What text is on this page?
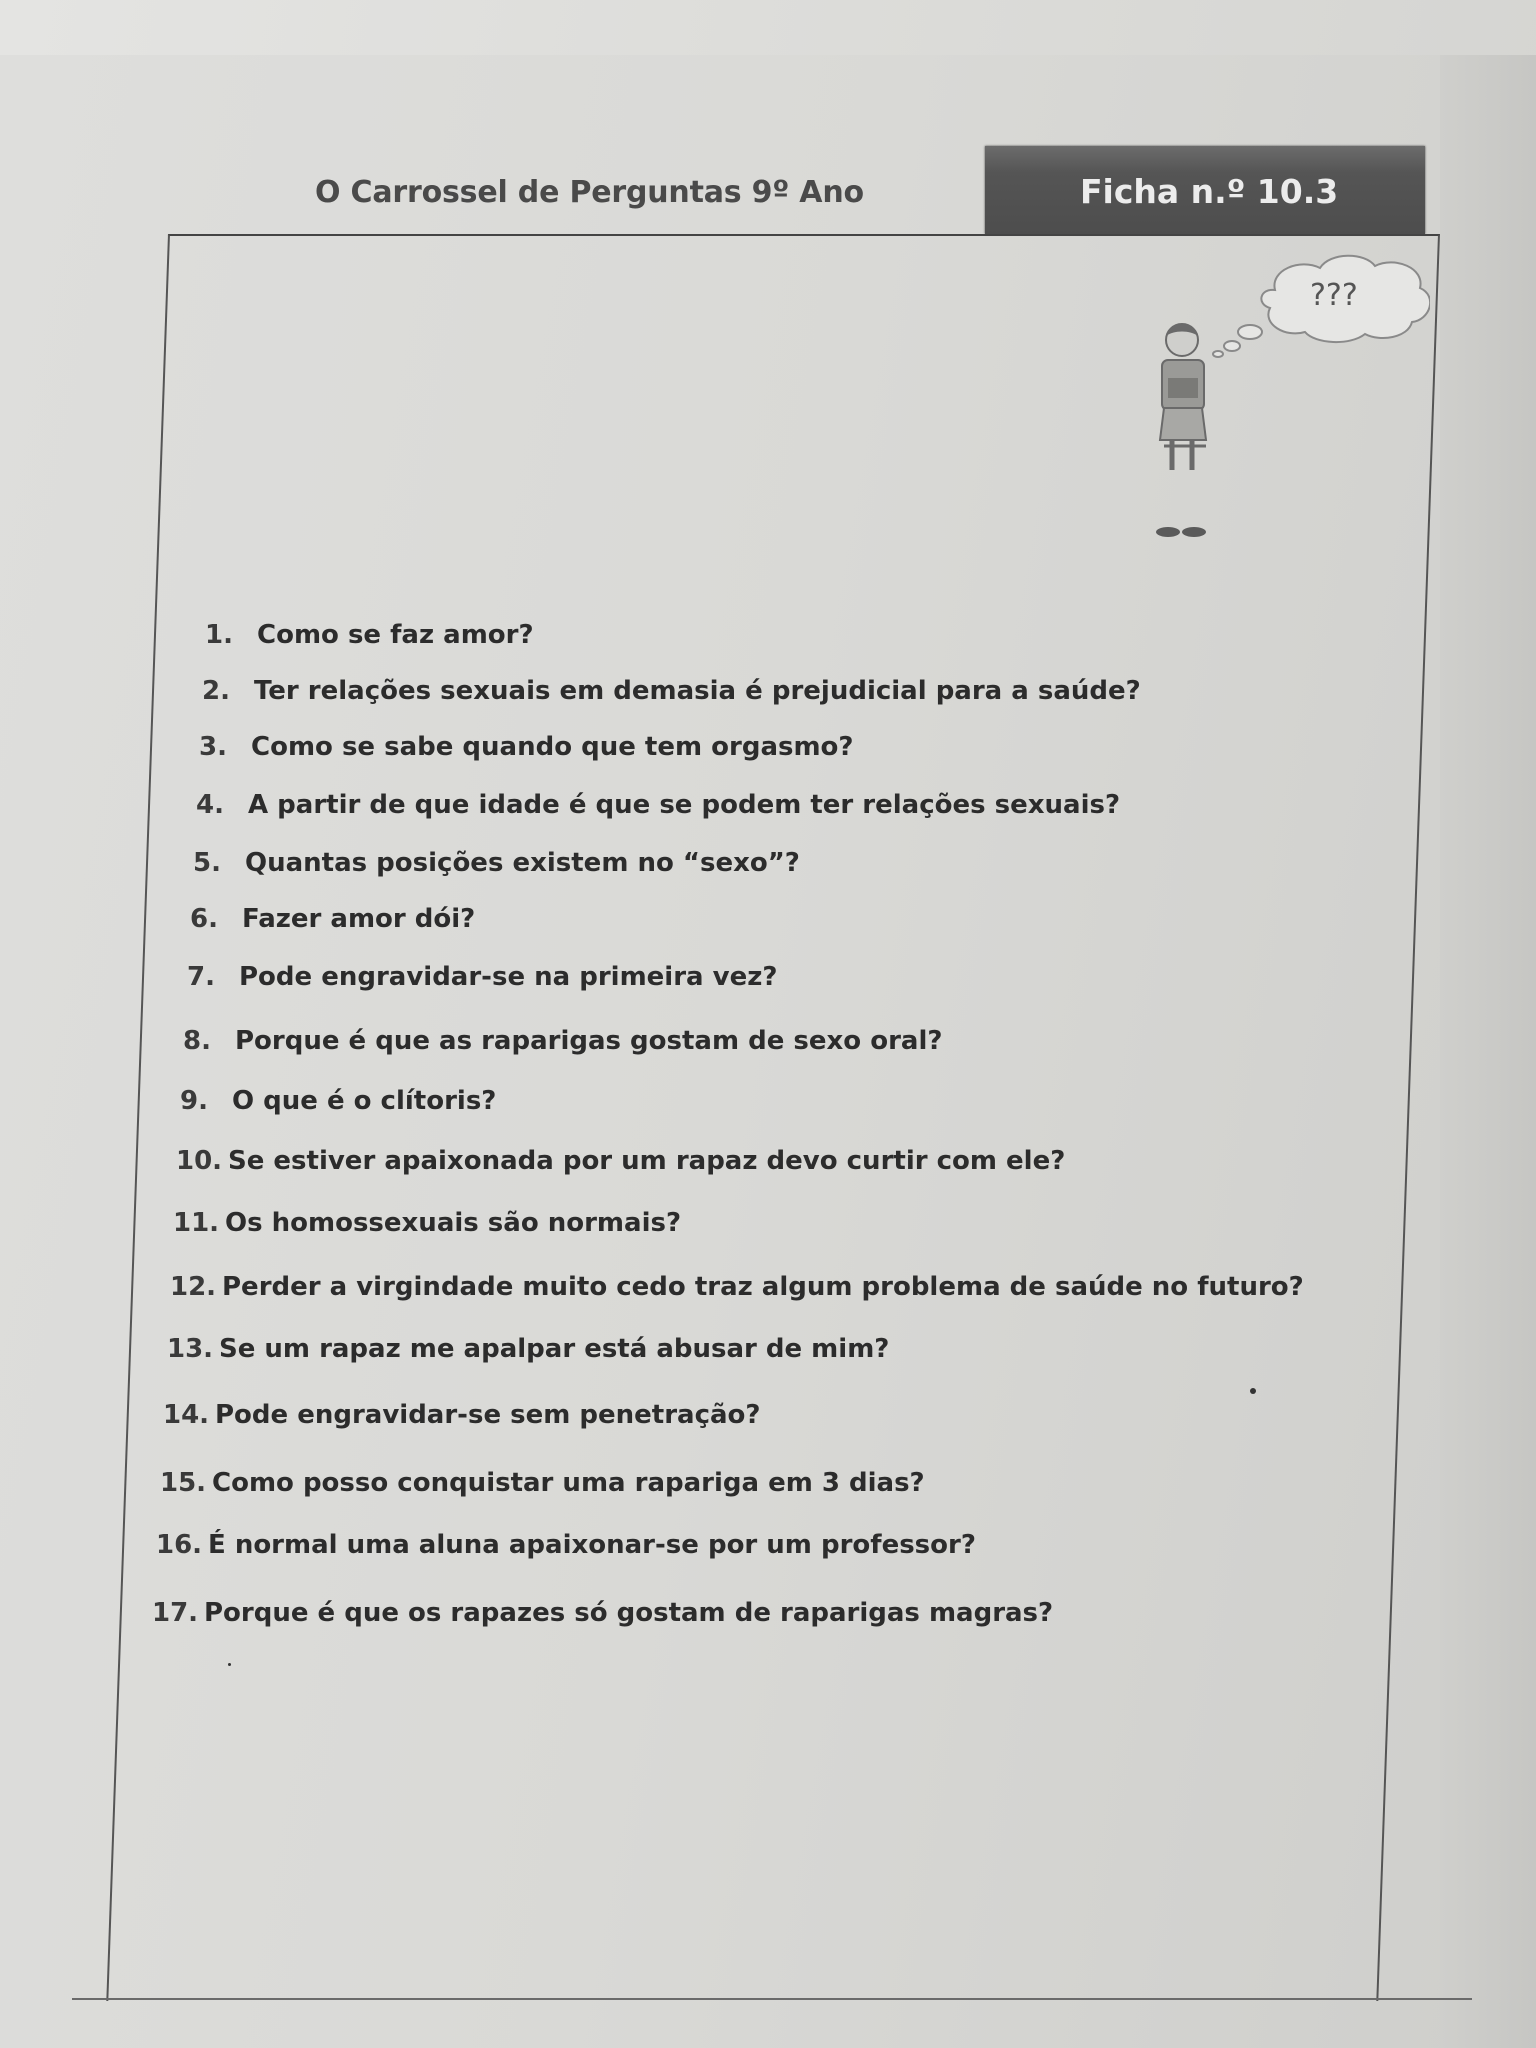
O Carrossel de Perguntas 9º Ano	Ficha n.º 10.3
???
1. Como se faz amor?
2. Ter relações sexuais em demasia é prejudicial para a saúde?
3. Como se sabe quando que tem orgasmo?
4. A partir de que idade é que se podem ter relações sexuais?
5. Quantas posições existem no “sexo”?
6. Fazer amor dói?
7. Pode engravidar-se na primeira vez?
8. Porque é que as raparigas gostam de sexo oral?
9. O que é o clítoris?
10. Se estiver apaixonada por um rapaz devo curtir com ele?
11. Os homossexuais são normais?
12. Perder a virgindade muito cedo traz algum problema de saúde no futuro?
13. Se um rapaz me apalpar está abusar de mim?
14. Pode engravidar-se sem penetração?
15. Como posso conquistar uma rapariga em 3 dias?
16. É normal uma aluna apaixonar-se por um professor?
17. Porque é que os rapazes só gostam de raparigas magras?
